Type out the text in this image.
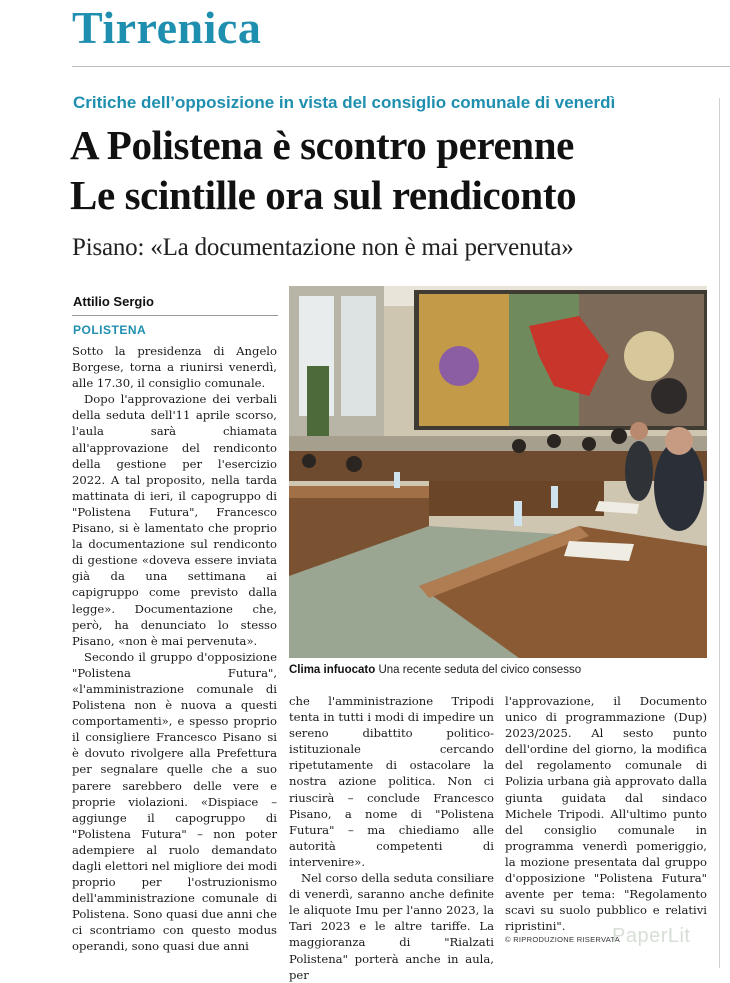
Tirrenica
Critiche dell’opposizione in vista del consiglio comunale di venerdì
A Polistena è scontro perenne
Le scintille ora sul rendiconto
Pisano: «La documentazione non è mai pervenuta»
Attilio Sergio
POLISTENA

Sotto la presidenza di Angelo Borgese, torna a riunirsi venerdì, alle 17.30, il consiglio comunale.

Dopo l'approvazione dei verbali della seduta dell'11 aprile scorso, l'aula sarà chiamata all'approvazione del rendiconto della gestione per l'esercizio 2022. A tal proposito, nella tarda mattinata di ieri, il capogruppo di "Polistena Futura", Francesco Pisano, si è lamentato che proprio la documentazione sul rendiconto di gestione «doveva essere inviata già da una settimana ai capigruppo come previsto dalla legge». Documentazione che, però, ha denunciato lo stesso Pisano, «non è mai pervenuta».

Secondo il gruppo d'opposizione "Polistena Futura", «l'amministrazione comunale di Polistena non è nuova a questi comportamenti», e spesso proprio il consigliere Francesco Pisano si è dovuto rivolgere alla Prefettura per segnalare quelle che a suo parere sarebbero delle vere e proprie violazioni. «Dispiace – aggiunge il capogruppo di "Polistena Futura" – non poter adempiere al ruolo demandato dagli elettori nel migliore dei modi proprio per l'ostruzionismo dell'amministrazione comunale di Polistena. Sono quasi due anni che ci scontriamo con questo modus operandi, sono quasi due anni

Clima infuocato Una recente seduta del civico consesso

che l'amministrazione Tripodi tenta in tutti i modi di impedire un sereno dibattito politico-istituzionale cercando ripetutamente di ostacolare la nostra azione politica. Non ci riuscirà – conclude Francesco Pisano, a nome di "Polistena Futura" – ma chiediamo alle autorità competenti di intervenire».

Nel corso della seduta consiliare di venerdì, saranno anche definite le aliquote Imu per l'anno 2023, la Tari 2023 e le altre tariffe. La maggioranza di "Rialzati Polistena" porterà anche in aula, per

l'approvazione, il Documento unico di programmazione (Dup) 2023/2025. Al sesto punto dell'ordine del giorno, la modifica del regolamento comunale di Polizia urbana già approvato dalla giunta guidata dal sindaco Michele Tripodi. All'ultimo punto del consiglio comunale in programma venerdì pomeriggio, la mozione presentata dal gruppo d'opposizione "Polistena Futura" avente per tema: "Regolamento scavi su suolo pubblico e relativi ripristini".

© RIPRODUZIONE RISERVATA
PaperLit
